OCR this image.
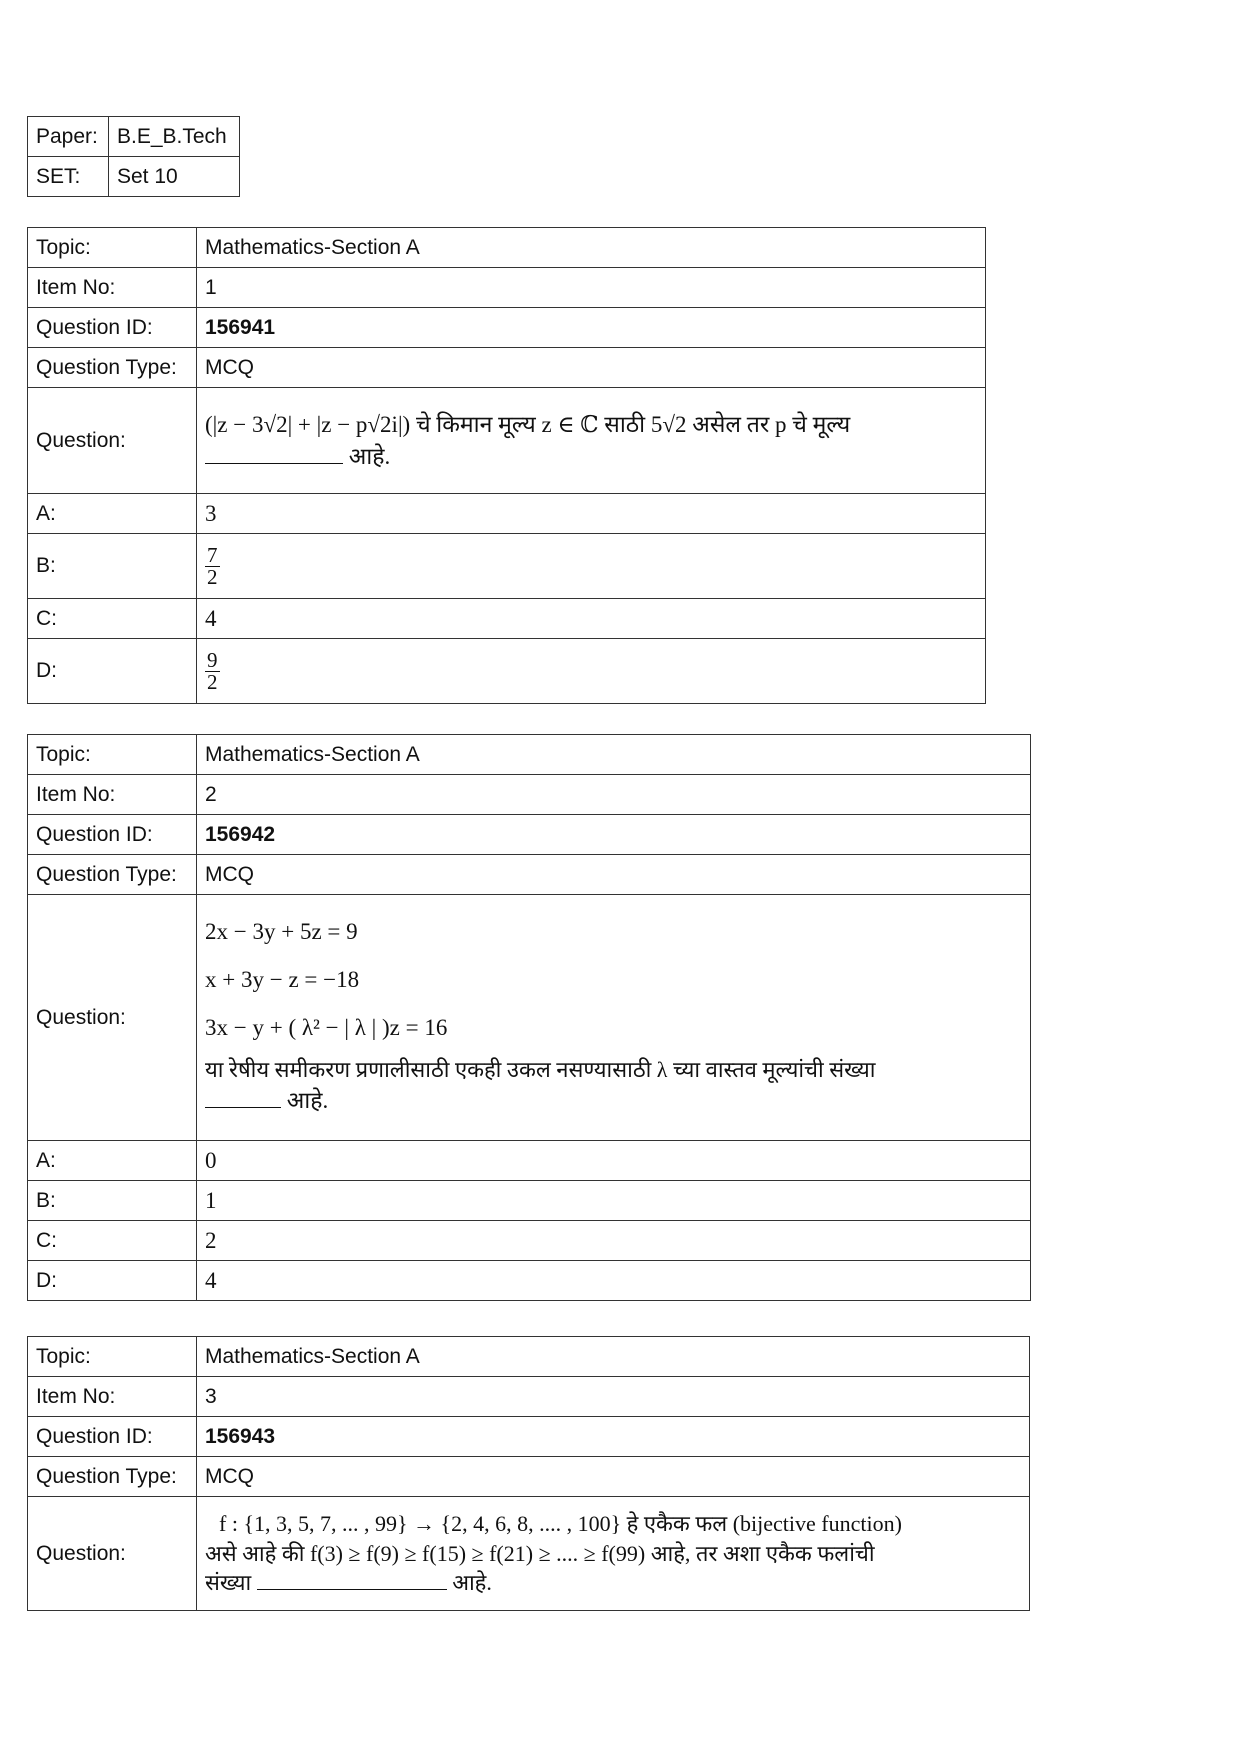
Paper:	B.E_B.Tech
SET:	Set 10
Topic:	Mathematics-Section A
Item No:	1
Question ID:	156941
Question Type:	MCQ
Question:	(|z − 3√2| + |z − p√2i|) चे किमान मूल्य z ∈ ℂ साठी 5√2 असेल तर p चे मूल्य

आहे.

A:	3
B:	$\frac{7}{2}$

C:	4
D:	$\frac{9}{2}$
Topic:	Mathematics-Section A
Item No:	2
Question ID:	156942
Question Type:	MCQ
Question:	2x − 3y + 5z = 9

x + 3y − z = −18

3x − y + ( λ² − | λ | )z = 16

या रेषीय समीकरण प्रणालीसाठी एकही उकल नसण्यासाठी λ च्या वास्तव मूल्यांची संख्या

आहे.

A:	0
B:	1
C:	2
D:	4
Topic:	Mathematics-Section A
Item No:	3
Question ID:	156943
Question Type:	MCQ
Question:	f : {1, 3, 5, 7, ... , 99} → {2, 4, 6, 8, .... , 100} हे एकैक फल (bijective function)

असे आहे की f(3) ≥ f(9) ≥ f(15) ≥ f(21) ≥ .... ≥ f(99) आहे, तर अशा एकैक फलांची

संख्या आहे.
